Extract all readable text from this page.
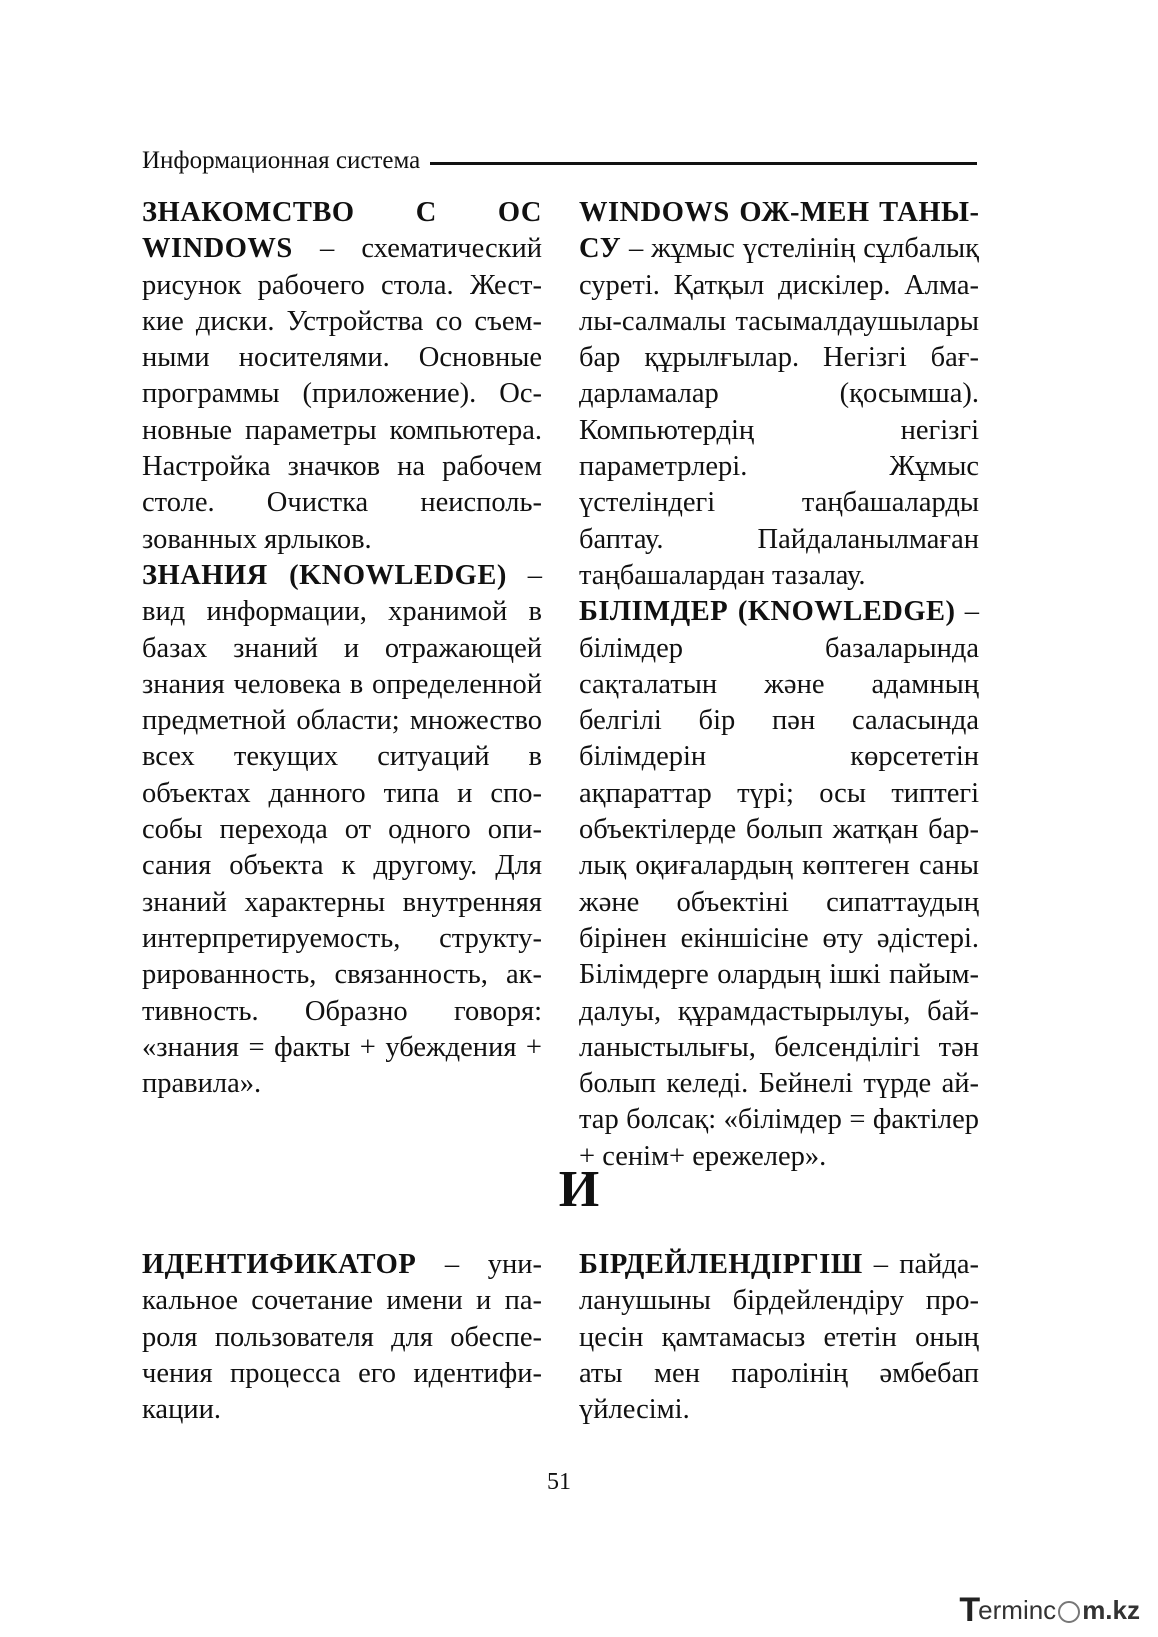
Информационная система

ЗНАКОМСТВО С ОС WINDOWS – схематический рисунок рабочего стола. Жесткие диски. Устройства со съемными носителями. Основные программы (приложение). Основные параметры компьютера. Настройка значков на рабочем столе. Очистка неиспользованных ярлыков.

ЗНАНИЯ (KNOWLEDGE) – вид информации, хранимой в базах знаний и отражающей знания человека в определенной предметной области; множество всех текущих ситуаций в объектах данного типа и способы перехода от одного описания объекта к другому. Для знаний характерны внутренняя интерпретируемость, структурированность, связанность, активность. Образно говоря: «знания = факты + убеждения + правила».

WINDOWS ОЖ-МЕН ТАНЫСУ – жұмыс үстелінің сұлбалық суреті. Қатқыл дискілер. Алмалы-салмалы тасымалдаушылары бар құрылғылар. Негізгі бағдарламалар (қосымша). Компьютердің негізгі параметрлері. Жұмыс үстеліндегі таңбашаларды баптау. Пайдаланылмаған таңбашалардан тазалау.

БІЛІМДЕР (KNOWLEDGE) – білімдер базаларында сақталатын және адамның белгілі бір пән саласында білімдерін көрсететін ақпараттар түрі; осы типтегі объектілерде болып жатқан барлық оқиғалардың көптеген саны және объектіні сипаттаудың бірінен екіншісіне өту әдістері. Білімдерге олардың ішкі пайымдалуы, құрамдастырылуы, байланыстылығы, белсенділігі тән болып келеді. Бейнелі түрде айтар болсақ: «білімдер = фактілер + сенім+ ережелер».

И

ИДЕНТИФИКАТОР – уникальное сочетание имени и пароля пользователя для обеспечения процесса его идентификации.

БІРДЕЙЛЕНДІРГІШ – пайдаланушыны бірдейлендіру процесін қамтамасыз ететін оның аты мен паролінің әмбебап үйлесімі.

51
T
erminc m.kz
